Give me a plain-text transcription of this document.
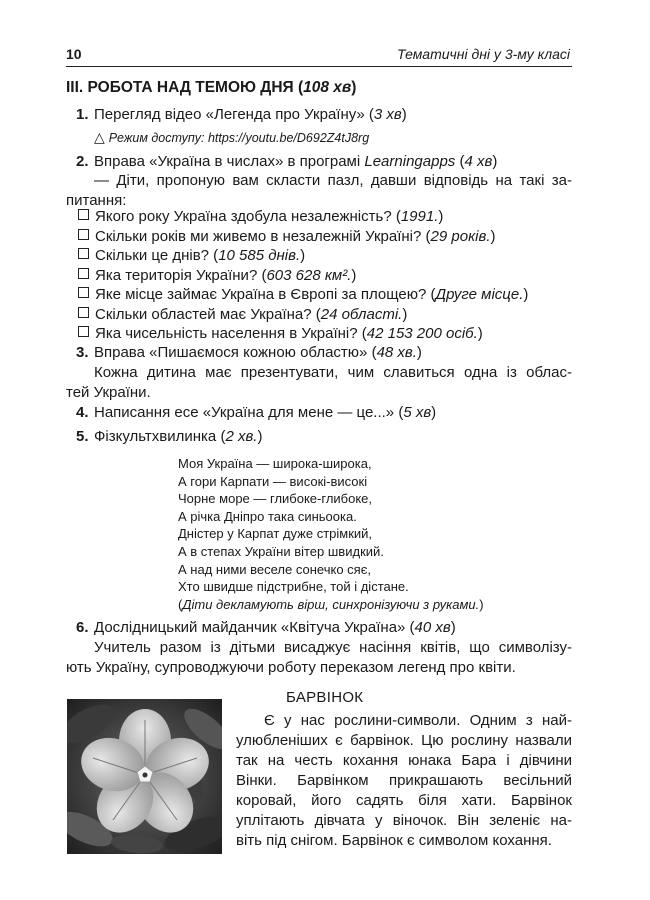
10	Тематичні дні у 3-му класі
III. РОБОТА НАД ТЕМОЮ ДНЯ (108 хв)
1. Перегляд відео «Легенда про Україну» (3 хв)
△ Режим доступу: https://youtu.be/D692Z4tJ8rg
2. Вправа «Україна в числах» в програмі Learningapps (4 хв)
— Діти, пропоную вам скласти пазл, давши відповідь на такі за-
питання:
Якого року Україна здобула незалежність? (1991.)
Скільки років ми живемо в незалежній Україні? (29 років.)
Скільки це днів? (10 585 днів.)
Яка територія України? (603 628 км².)
Яке місце займає Україна в Європі за площею? (Друге місце.)
Скільки областей має Україна? (24 області.)
Яка чисельність населення в Україні? (42 153 200 осіб.)
3. Вправа «Пишаємося кожною областю» (48 хв.)
Кожна дитина має презентувати, чим славиться одна із облас-
тей України.
4. Написання есе «Україна для мене — це...» (5 хв)
5. Фізкультхвилинка (2 хв.)
Моя Україна — широка-широка,
А гори Карпати — високі-високі
Чорне море — глибоке-глибоке,
А річка Дніпро така синьоока.
Дністер у Карпат дуже стрімкий,
А в степах України вітер швидкий.
А над ними веселе сонечко сяє,
Хто швидше підстрибне, той і дістане.
(Діти декламують вірш, синхронізуючи з руками.)
6. Дослідницький майданчик «Квітуча Україна» (40 хв)
Учитель разом із дітьми висаджує насіння квітів, що символізу-
ють Україну, супроводжуючи роботу переказом легенд про квіти.
БАРВІНОК
Є у нас рослини-символи. Одним з най-
улюбленіших є барвінок. Цю рослину назвали
так на честь кохання юнака Бара і дівчини
Вінки. Барвінком прикрашають весільний
коровай, його садять біля хати. Барвінок
уплітають дівчата у віночок. Він зеленіє на-
віть під снігом. Барвінок є символом кохання.
